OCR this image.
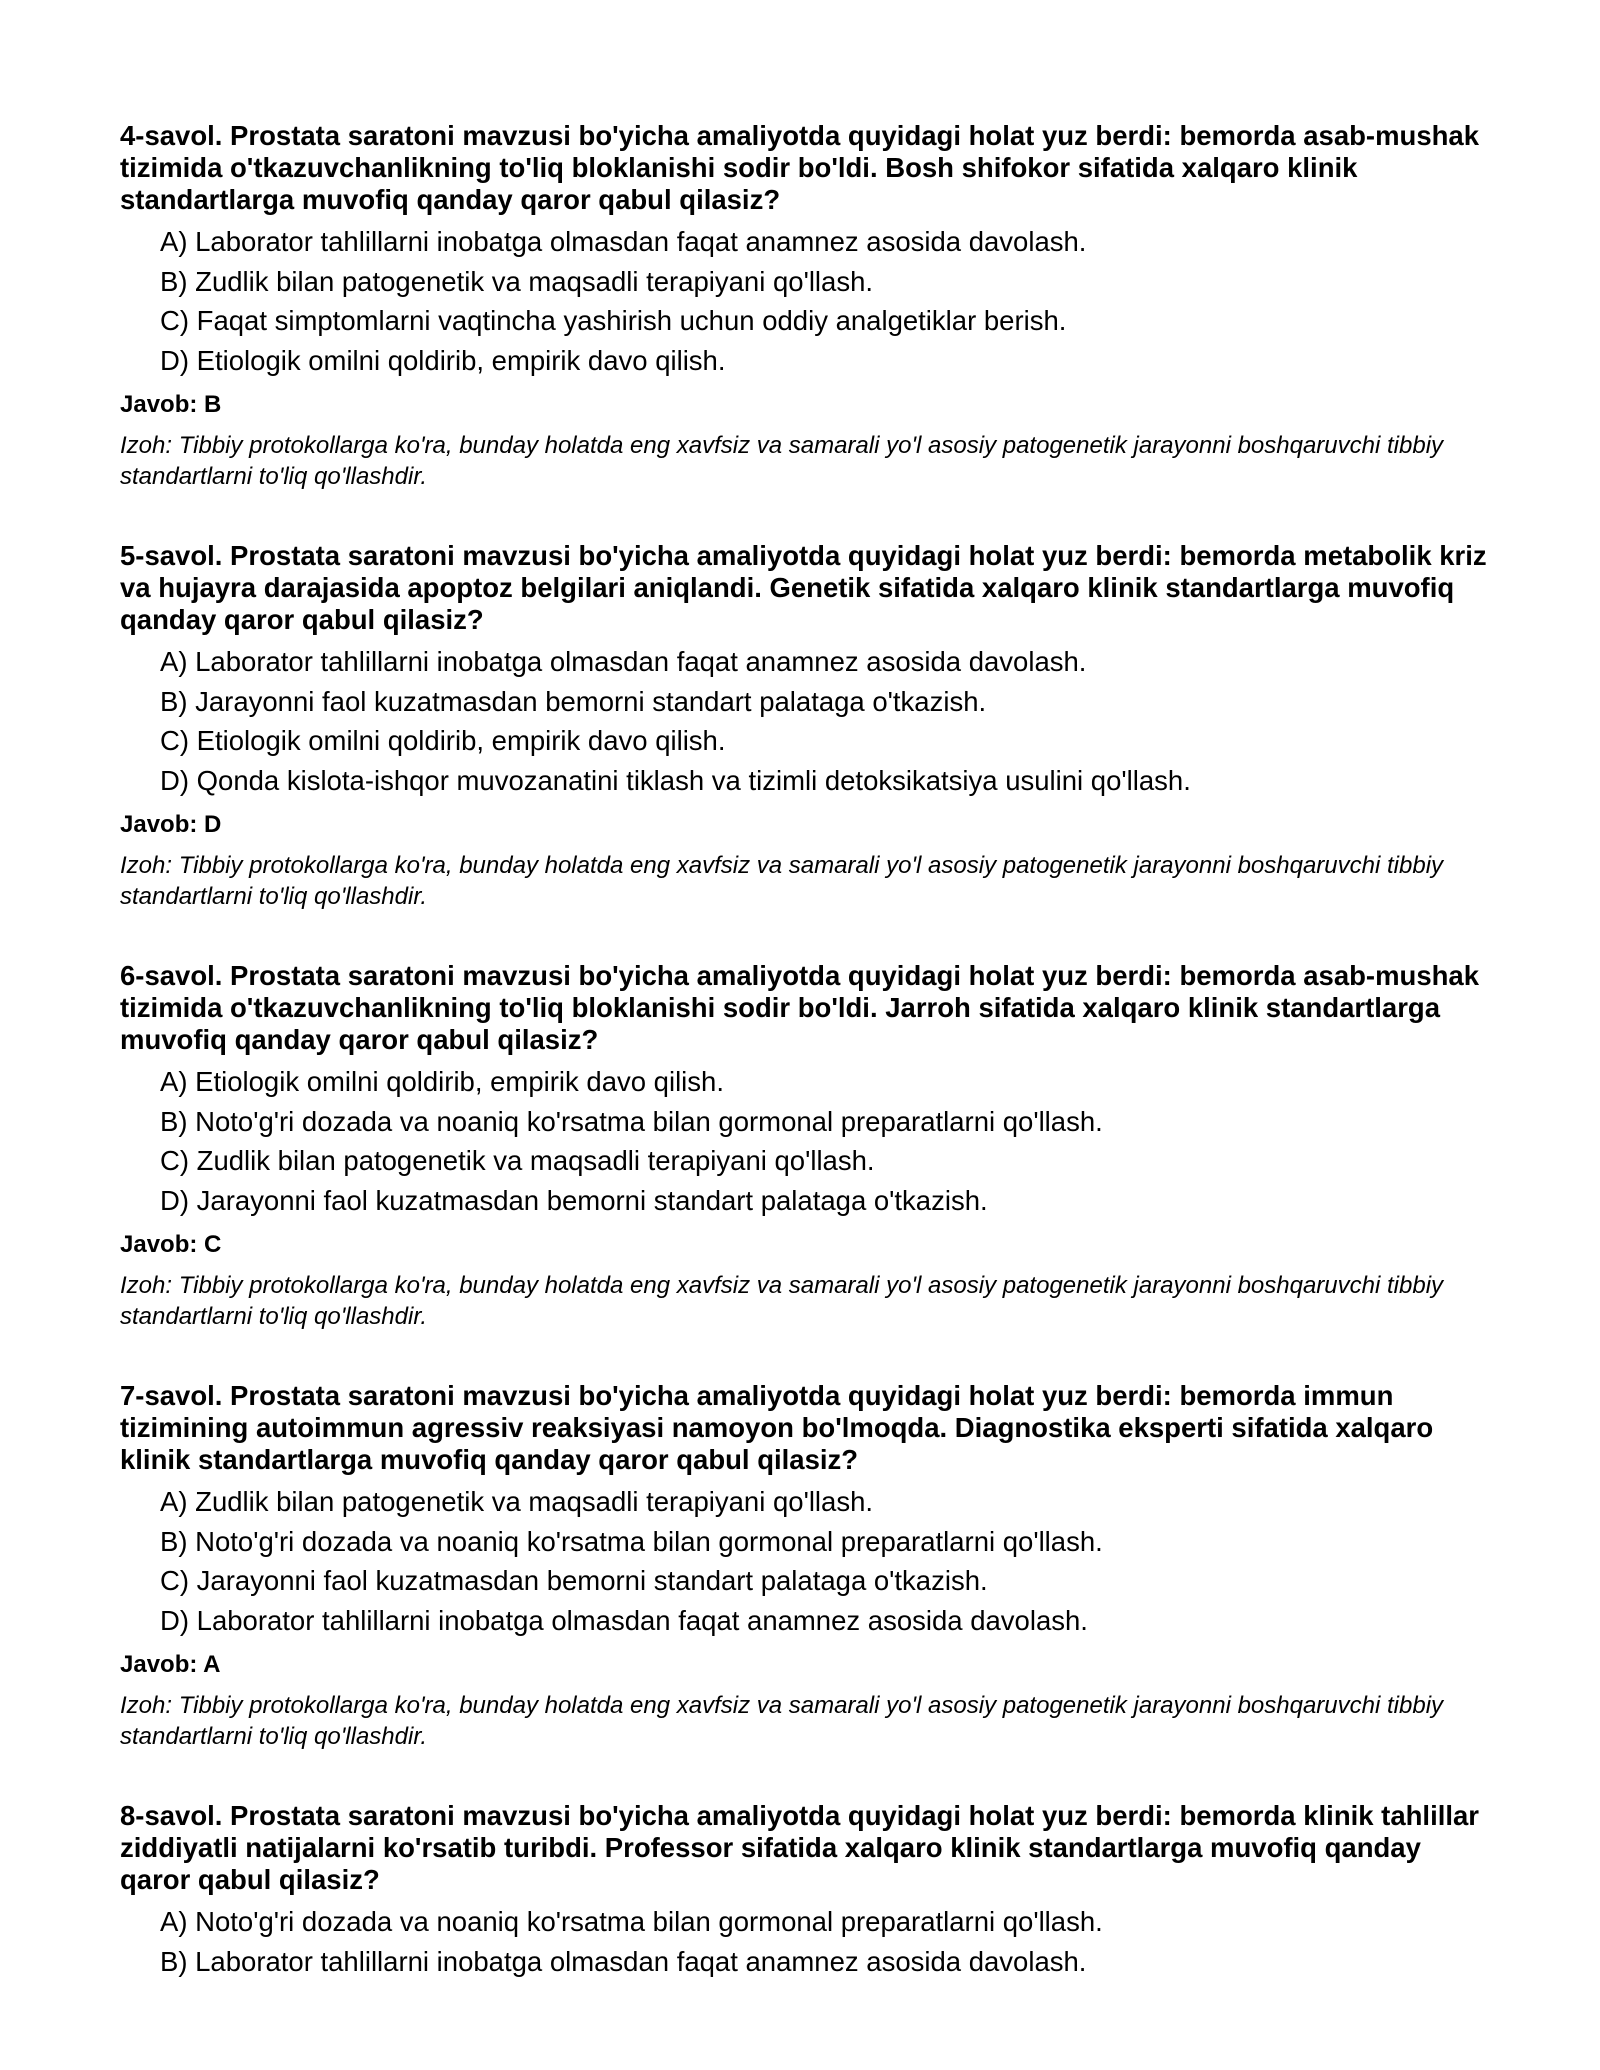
4-savol. Prostata saratoni mavzusi bo'yicha amaliyotda quyidagi holat yuz berdi: bemorda asab-mushak tizimida o'tkazuvchanlikning to'liq bloklanishi sodir bo'ldi. Bosh shifokor sifatida xalqaro klinik standartlarga muvofiq qanday qaror qabul qilasiz?

A) Laborator tahlillarni inobatga olmasdan faqat anamnez asosida davolash.
B) Zudlik bilan patogenetik va maqsadli terapiyani qo'llash.
C) Faqat simptomlarni vaqtincha yashirish uchun oddiy analgetiklar berish.
D) Etiologik omilni qoldirib, empirik davo qilish.
Javob: B
Izoh: Tibbiy protokollarga ko'ra, bunday holatda eng xavfsiz va samarali yo'l asosiy patogenetik jarayonni boshqaruvchi tibbiy standartlarni to'liq qo'llashdir.

5-savol. Prostata saratoni mavzusi bo'yicha amaliyotda quyidagi holat yuz berdi: bemorda metabolik kriz va hujayra darajasida apoptoz belgilari aniqlandi. Genetik sifatida xalqaro klinik standartlarga muvofiq qanday qaror qabul qilasiz?

A) Laborator tahlillarni inobatga olmasdan faqat anamnez asosida davolash.
B) Jarayonni faol kuzatmasdan bemorni standart palataga o'tkazish.
C) Etiologik omilni qoldirib, empirik davo qilish.
D) Qonda kislota-ishqor muvozanatini tiklash va tizimli detoksikatsiya usulini qo'llash.
Javob: D
Izoh: Tibbiy protokollarga ko'ra, bunday holatda eng xavfsiz va samarali yo'l asosiy patogenetik jarayonni boshqaruvchi tibbiy standartlarni to'liq qo'llashdir.

6-savol. Prostata saratoni mavzusi bo'yicha amaliyotda quyidagi holat yuz berdi: bemorda asab-mushak tizimida o'tkazuvchanlikning to'liq bloklanishi sodir bo'ldi. Jarroh sifatida xalqaro klinik standartlarga muvofiq qanday qaror qabul qilasiz?

A) Etiologik omilni qoldirib, empirik davo qilish.
B) Noto'g'ri dozada va noaniq ko'rsatma bilan gormonal preparatlarni qo'llash.
C) Zudlik bilan patogenetik va maqsadli terapiyani qo'llash.
D) Jarayonni faol kuzatmasdan bemorni standart palataga o'tkazish.
Javob: C
Izoh: Tibbiy protokollarga ko'ra, bunday holatda eng xavfsiz va samarali yo'l asosiy patogenetik jarayonni boshqaruvchi tibbiy standartlarni to'liq qo'llashdir.

7-savol. Prostata saratoni mavzusi bo'yicha amaliyotda quyidagi holat yuz berdi: bemorda immun tizimining autoimmun agressiv reaksiyasi namoyon bo'lmoqda. Diagnostika eksperti sifatida xalqaro klinik standartlarga muvofiq qanday qaror qabul qilasiz?

A) Zudlik bilan patogenetik va maqsadli terapiyani qo'llash.
B) Noto'g'ri dozada va noaniq ko'rsatma bilan gormonal preparatlarni qo'llash.
C) Jarayonni faol kuzatmasdan bemorni standart palataga o'tkazish.
D) Laborator tahlillarni inobatga olmasdan faqat anamnez asosida davolash.
Javob: A
Izoh: Tibbiy protokollarga ko'ra, bunday holatda eng xavfsiz va samarali yo'l asosiy patogenetik jarayonni boshqaruvchi tibbiy standartlarni to'liq qo'llashdir.

8-savol. Prostata saratoni mavzusi bo'yicha amaliyotda quyidagi holat yuz berdi: bemorda klinik tahlillar ziddiyatli natijalarni ko'rsatib turibdi. Professor sifatida xalqaro klinik standartlarga muvofiq qanday qaror qabul qilasiz?

A) Noto'g'ri dozada va noaniq ko'rsatma bilan gormonal preparatlarni qo'llash.
B) Laborator tahlillarni inobatga olmasdan faqat anamnez asosida davolash.
